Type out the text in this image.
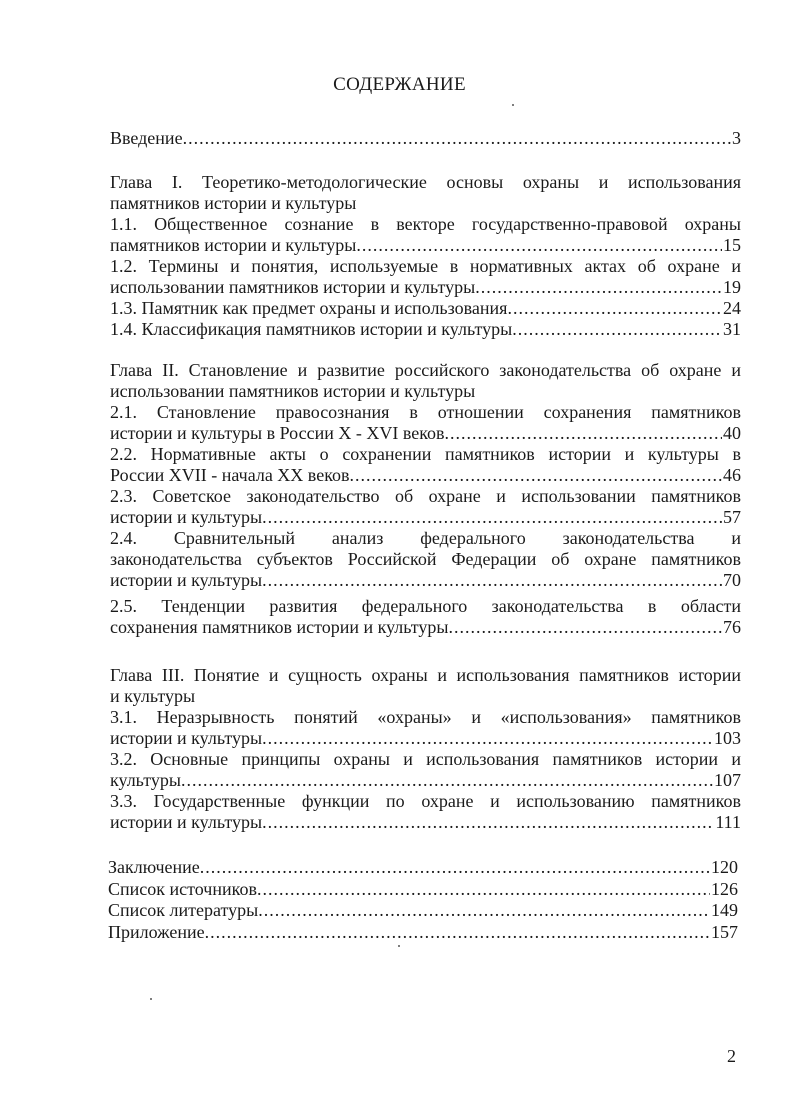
СОДЕРЖАНИЕ
Введение .....	3
Глава I. Теоретико-методологические основы охраны и использования
памятников истории и культуры
1.1. Общественное сознание в векторе государственно-правовой охраны
памятников истории и культуры .....	15
1.2. Термины и понятия, используемые в нормативных актах об охране и
использовании памятников истории и культуры .....	19
1.3. Памятник как предмет охраны и использования .....	24
1.4. Классификация памятников истории и культуры .....	31
Глава II. Становление и развитие российского законодательства об охране и
использовании памятников истории и культуры
2.1. Становление правосознания в отношении сохранения памятников
истории и культуры в России X - XVI веков .....	40
2.2. Нормативные акты о сохранении памятников истории и культуры в
России XVII - начала XX веков .....	46
2.3. Советское законодательство об охране и использовании памятников
истории и культуры .....	57
2.4. Сравнительный анализ федерального законодательства и
законодательства субъектов Российской Федерации об охране памятников
истории и культуры .....	70
2.5. Тенденции развития федерального законодательства в области
сохранения памятников истории и культуры .....	76
Глава III. Понятие и сущность охраны и использования памятников истории
и культуры
3.1. Неразрывность понятий «охраны» и «использования» памятников
истории и культуры .....	103
3.2. Основные принципы охраны и использования памятников истории и
культуры .....	107
3.3. Государственные функции по охране и использованию памятников
истории и культуры .....	111
Заключение .....	120
Список источников .....	126
Список литературы .....	149
Приложение .....	157
2
